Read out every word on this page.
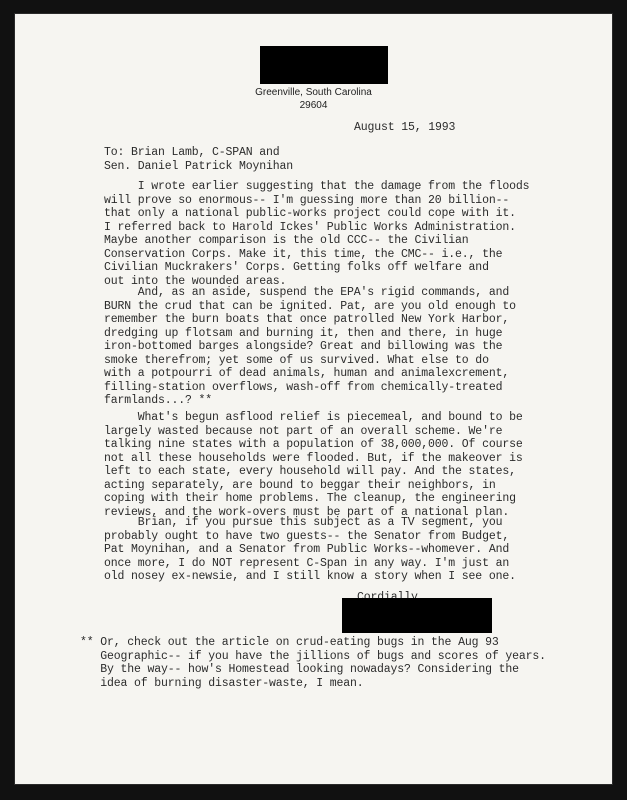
Greenville, South Carolina
29604
August 15, 1993
To: Brian Lamb, C-SPAN and
Sen. Daniel Patrick Moynihan
I wrote earlier suggesting that the damage from the floods
will prove so enormous-- I'm guessing more than 20 billion--
that only a national public-works project could cope with it.
I referred back to Harold Ickes' Public Works Administration.
Maybe another comparison is the old CCC-- the Civilian
Conservation Corps. Make it, this time, the CMC-- i.e., the
Civilian Muckrakers' Corps. Getting folks off welfare and
out into the wounded areas.
And, as an aside, suspend the EPA's rigid commands, and
BURN the crud that can be ignited. Pat, are you old enough to
remember the burn boats that once patrolled New York Harbor,
dredging up flotsam and burning it, then and there, in huge
iron-bottomed barges alongside? Great and billowing was the
smoke therefrom; yet some of us survived. What else to do
with a potpourri of dead animals, human and animalexcrement,
filling-station overflows, wash-off from chemically-treated
farmlands...? **
What's begun asflood relief is piecemeal, and bound to be
largely wasted because not part of an overall scheme. We're
talking nine states with a population of 38,000,000. Of course
not all these households were flooded. But, if the makeover is
left to each state, every household will pay. And the states,
acting separately, are bound to beggar their neighbors, in
coping with their home problems. The cleanup, the engineering
reviews, and the work-overs must be part of a national plan.
Brian, if you pursue this subject as a TV segment, you
probably ought to have two guests-- the Senator from Budget,
Pat Moynihan, and a Senator from Public Works--whomever. And
once more, I do NOT represent C-Span in any way. I'm just an
old nosey ex-newsie, and I still know a story when I see one.
** Or, check out the article on crud-eating bugs in the Aug 93
Geographic-- if you have the jillions of bugs and scores of years.
By the way-- how's Homestead looking nowadays? Considering the
idea of burning disaster-waste, I mean.
